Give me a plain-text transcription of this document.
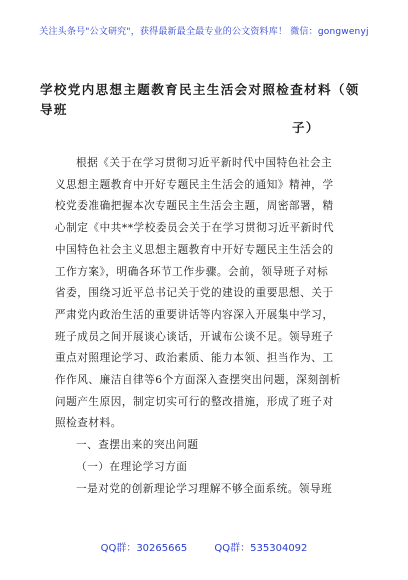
关注头条号"公文研究"，获得最新最全最专业的公文资料库！ 微信：gongwenyj
学校党内思想主题教育民主生活会对照检查材料（领导班
子）
根据《关于在学习贯彻习近平新时代中国特色社会主
义思想主题教育中开好专题民主生活会的通知》精神，学
校党委准确把握本次专题民主生活会主题，周密部署，精
心制定《中共**学校委员会关于在学习贯彻习近平新时代
中国特色社会主义思想主题教育中开好专题民主生活会的
工作方案》，明确各环节工作步骤。会前，领导班子对标
省委，围绕习近平总书记关于党的建设的重要思想、关于
严肃党内政治生活的重要讲话等内容深入开展集中学习，
班子成员之间开展谈心谈话，开诚布公谈不足。领导班子
重点对照理论学习、政治素质、能力本领、担当作为、工
作作风、廉洁自律等6个方面深入查摆突出问题，深刻剖析
问题产生原因，制定切实可行的整改措施，形成了班子对
照检查材料。
一、查摆出来的突出问题
（一）在理论学习方面
一是对党的创新理论学习理解不够全面系统。领导班
QQ群：30265665	QQ群：535304092
